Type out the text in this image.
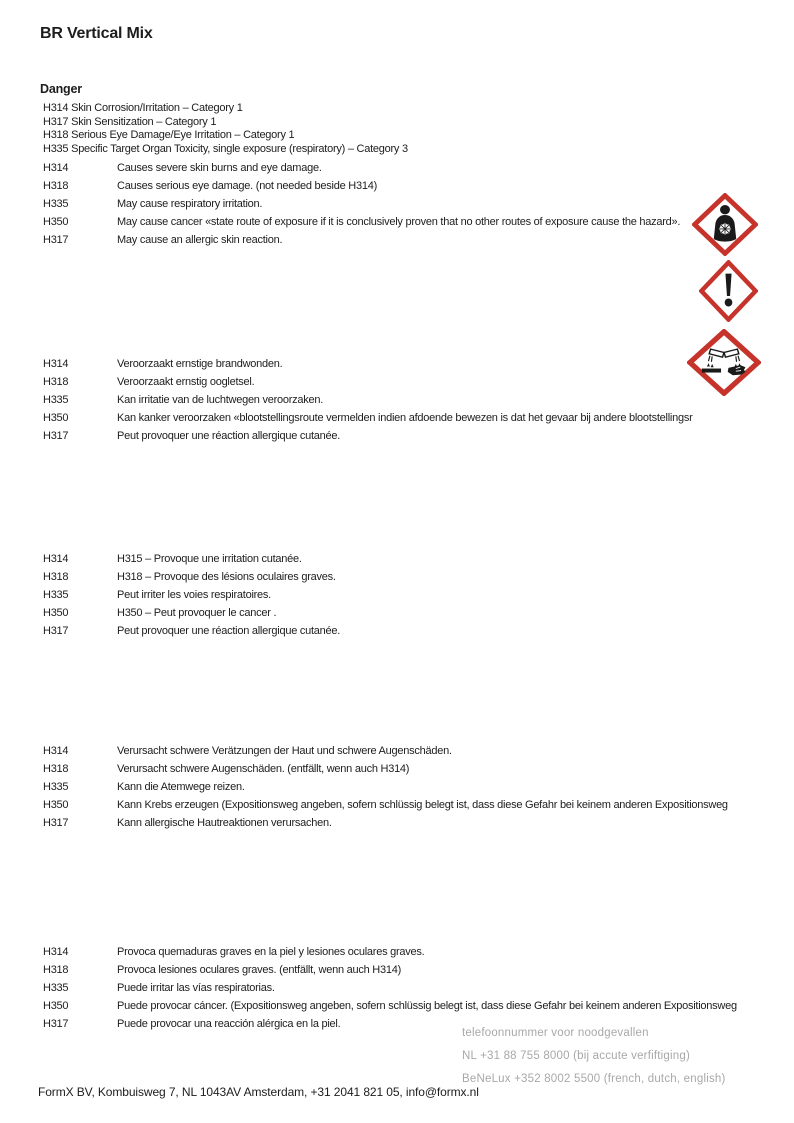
BR Vertical Mix
Danger
H314 Skin Corrosion/Irritation – Category 1
H317 Skin Sensitization – Category 1
H318 Serious Eye Damage/Eye Irritation – Category 1
H335 Specific Target Organ Toxicity, single exposure (respiratory) – Category 3
H314	Causes severe skin burns and eye damage.
H318	Causes serious eye damage. (not needed beside H314)
H335	May cause respiratory irritation.
H350	May cause cancer «state route of exposure if it is conclusively proven that no other routes of exposure cause the hazard».
H317	May cause an allergic skin reaction.
H314	Veroorzaakt ernstige brandwonden.
H318	Veroorzaakt ernstig oogletsel.
H335	Kan irritatie van de luchtwegen veroorzaken.
H350	Kan kanker veroorzaken «blootstellingsroute vermelden indien afdoende bewezen is dat het gevaar bij andere blootstellingsr
H317	Peut provoquer une réaction allergique cutanée.
H314	H315 – Provoque une irritation cutanée.
H318	H318 – Provoque des lésions oculaires graves.
H335	Peut irriter les voies respiratoires.
H350	H350 – Peut provoquer le cancer .
H317	Peut provoquer une réaction allergique cutanée.
H314	Verursacht schwere Verätzungen der Haut und schwere Augenschäden.
H318	Verursacht schwere Augenschäden. (entfällt, wenn auch H314)
H335	Kann die Atemwege reizen.
H350	Kann Krebs erzeugen (Expositionsweg angeben, sofern schlüssig belegt ist, dass diese Gefahr bei keinem anderen Expositionsweg
H317	Kann allergische Hautreaktionen verursachen.
H314	Provoca quemaduras graves en la piel y lesiones oculares graves.
H318	Provoca lesiones oculares graves. (entfällt, wenn auch H314)
H335	Puede irritar las vías respiratorias.
H350	Puede provocar cáncer. (Expositionsweg angeben, sofern schlüssig belegt ist, dass diese Gefahr bei keinem anderen Expositionsweg
H317	Puede provocar una reacción alérgica en la piel.
telefoonnummer voor noodgevallen
NL +31 88 755 8000 (bij accute verfiftiging)
BeNeLux +352 8002 5500 (french, dutch, english)
FormX BV, Kombuisweg 7, NL 1043AV Amsterdam, +31 2041 821 05, info@formx.nl
